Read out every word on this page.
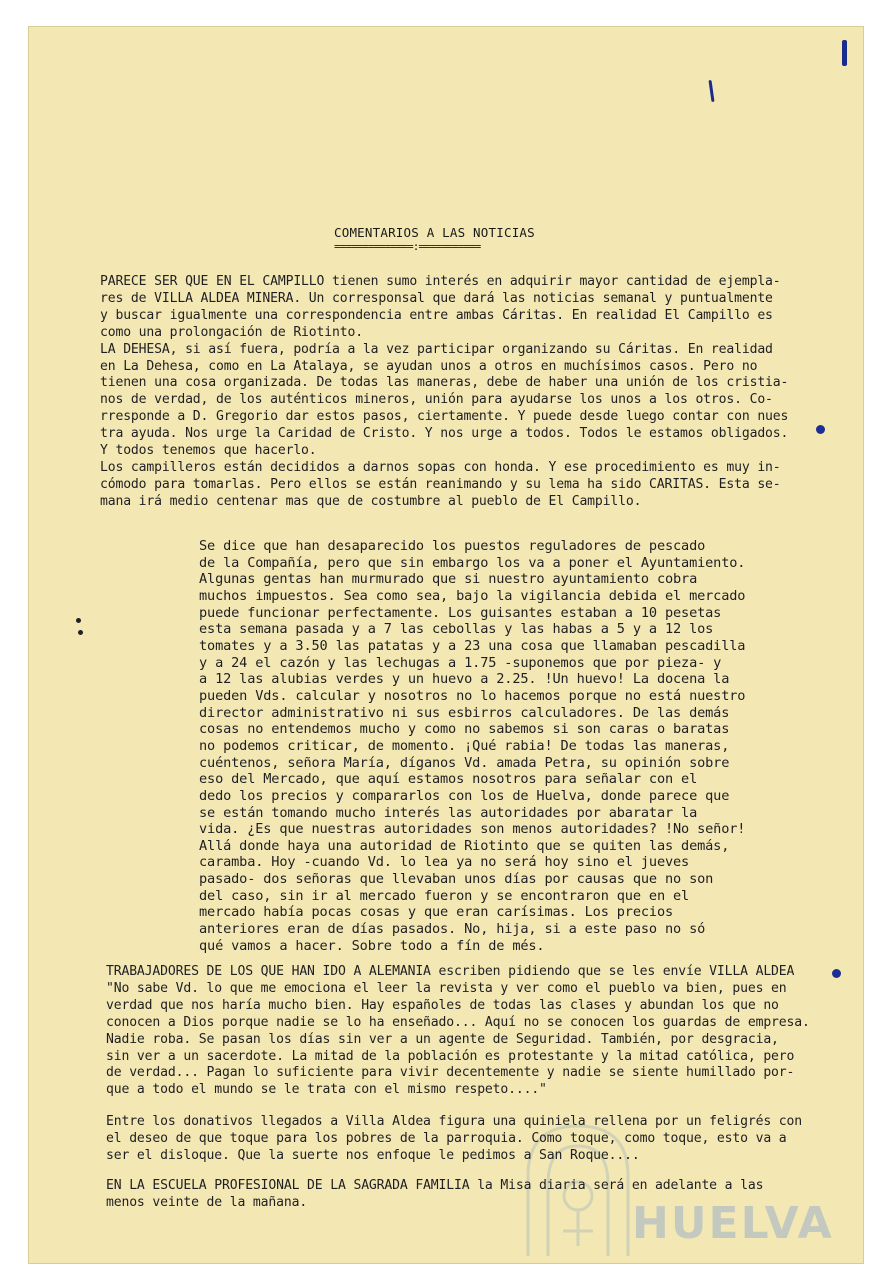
HUELVA
COMENTARIOS A LAS NOTICIAS
==============:===========
PARECE SER QUE EN EL CAMPILLO tienen sumo interés en adquirir mayor cantidad de ejempla-
res de VILLA ALDEA MINERA. Un corresponsal que dará las noticias semanal y puntualmente
y buscar igualmente una correspondencia entre ambas Cáritas. En realidad El Campillo es
como una prolongación de Riotinto.
LA DEHESA, si así fuera, podría a la vez participar organizando su Cáritas. En realidad
en La Dehesa, como en La Atalaya, se ayudan unos a otros en muchísimos casos. Pero no
tienen una cosa organizada. De todas las maneras, debe de haber una unión de los cristia-
nos de verdad, de los auténticos mineros, unión para ayudarse los unos a los otros. Co-
rresponde a D. Gregorio dar estos pasos, ciertamente. Y puede desde luego contar con nues
tra ayuda. Nos urge la Caridad de Cristo. Y nos urge a todos. Todos le estamos obligados.
Y todos tenemos que hacerlo.
Los campilleros están decididos a darnos sopas con honda. Y ese procedimiento es muy in-
cómodo para tomarlas. Pero ellos se están reanimando y su lema ha sido CARITAS. Esta se-
mana irá medio centenar mas que de costumbre al pueblo de El Campillo.
Se dice que han desaparecido los puestos reguladores de pescado
de la Compañía, pero que sin embargo los va a poner el Ayuntamiento.
Algunas gentas han murmurado que si nuestro ayuntamiento cobra
muchos impuestos. Sea como sea, bajo la vigilancia debida el mercado
puede funcionar perfectamente. Los guisantes estaban a 10 pesetas
esta semana pasada y a 7 las cebollas y las habas a 5 y a 12 los
tomates y a 3.50 las patatas y a 23 una cosa que llamaban pescadilla
y a 24 el cazón y las lechugas a 1.75 -suponemos que por pieza- y
a 12 las alubias verdes y un huevo a 2.25. !Un huevo! La docena la
pueden Vds. calcular y nosotros no lo hacemos porque no está nuestro
director administrativo ni sus esbirros calculadores. De las demás
cosas no entendemos mucho y como no sabemos si son caras o baratas
no podemos criticar, de momento. ¡Qué rabia! De todas las maneras,
cuéntenos, señora María, díganos Vd. amada Petra, su opinión sobre
eso del Mercado, que aquí estamos nosotros para señalar con el
dedo los precios y compararlos con los de Huelva, donde parece que
se están tomando mucho interés las autoridades por abaratar la
vida. ¿Es que nuestras autoridades son menos autoridades? !No señor!
Allá donde haya una autoridad de Riotinto que se quiten las demás,
caramba. Hoy -cuando Vd. lo lea ya no será hoy sino el jueves
pasado- dos señoras que llevaban unos días por causas que no son
del caso, sin ir al mercado fueron y se encontraron que en el
mercado había pocas cosas y que eran carísimas. Los precios
anteriores eran de días pasados. No, hija, si a este paso no só
qué vamos a hacer. Sobre todo a fín de més.
TRABAJADORES DE LOS QUE HAN IDO A ALEMANIA escriben pidiendo que se les envíe VILLA ALDEA
"No sabe Vd. lo que me emociona el leer la revista y ver como el pueblo va bien, pues en
verdad que nos haría mucho bien. Hay españoles de todas las clases y abundan los que no
conocen a Dios porque nadie se lo ha enseñado... Aquí no se conocen los guardas de empresa.
Nadie roba. Se pasan los días sin ver a un agente de Seguridad. También, por desgracia,
sin ver a un sacerdote. La mitad de la población es protestante y la mitad católica, pero
de verdad... Pagan lo suficiente para vivir decentemente y nadie se siente humillado por-
que a todo el mundo se le trata con el mismo respeto...."
Entre los donativos llegados a Villa Aldea figura una quiniela rellena por un feligrés con
el deseo de que toque para los pobres de la parroquia. Como toque, como toque, esto va a
ser el disloque. Que la suerte nos enfoque le pedimos a San Roque....
EN LA ESCUELA PROFESIONAL DE LA SAGRADA FAMILIA la Misa diaria será en adelante a las
menos veinte de la mañana.
